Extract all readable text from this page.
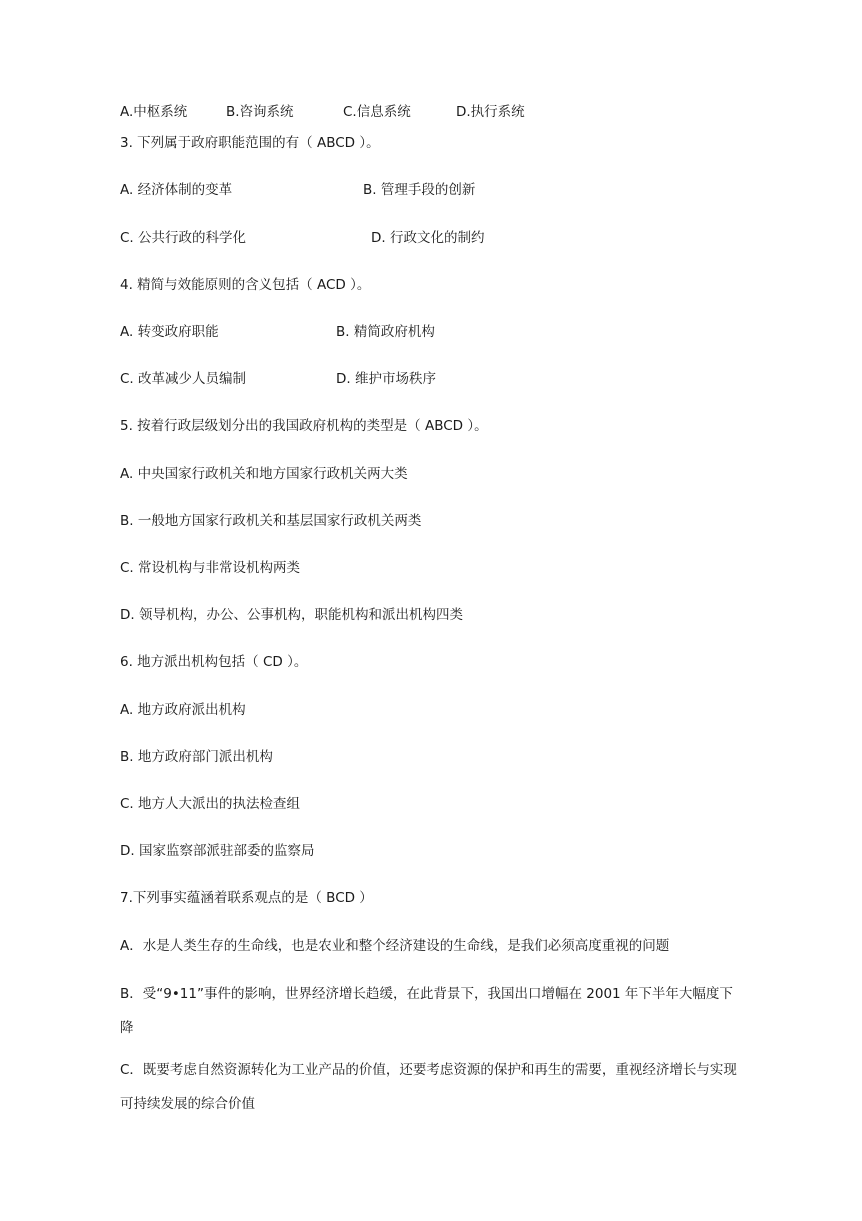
A.中枢系统	B.咨询系统	C.信息系统	D.执行系统
3. 下列属于政府职能范围的有（ ABCD ）。
A. 经济体制的变革	B. 管理手段的创新
C. 公共行政的科学化	D. 行政文化的制约
4. 精简与效能原则的含义包括（ ACD ）。
A. 转变政府职能	B. 精简政府机构
C. 改革减少人员编制	D. 维护市场秩序
5. 按着行政层级划分出的我国政府机构的类型是（ ABCD ）。
A. 中央国家行政机关和地方国家行政机关两大类
B. 一般地方国家行政机关和基层国家行政机关两类
C. 常设机构与非常设机构两类
D. 领导机构，办公、公事机构，职能机构和派出机构四类
6. 地方派出机构包括（ CD ）。
A. 地方政府派出机构
B. 地方政府部门派出机构
C. 地方人大派出的执法检查组
D. 国家监察部派驻部委的监察局
7.下列事实蕴涵着联系观点的是（ BCD ）
A．水是人类生存的生命线，也是农业和整个经济建设的生命线，是我们必须高度重视的问题
B．受“9•11”事件的影响，世界经济增长趋缓，在此背景下，我国出口增幅在 2001 年下半年大幅度下降
C．既要考虑自然资源转化为工业产品的价值，还要考虑资源的保护和再生的需要，重视经济增长与实现可持续发展的综合价值
